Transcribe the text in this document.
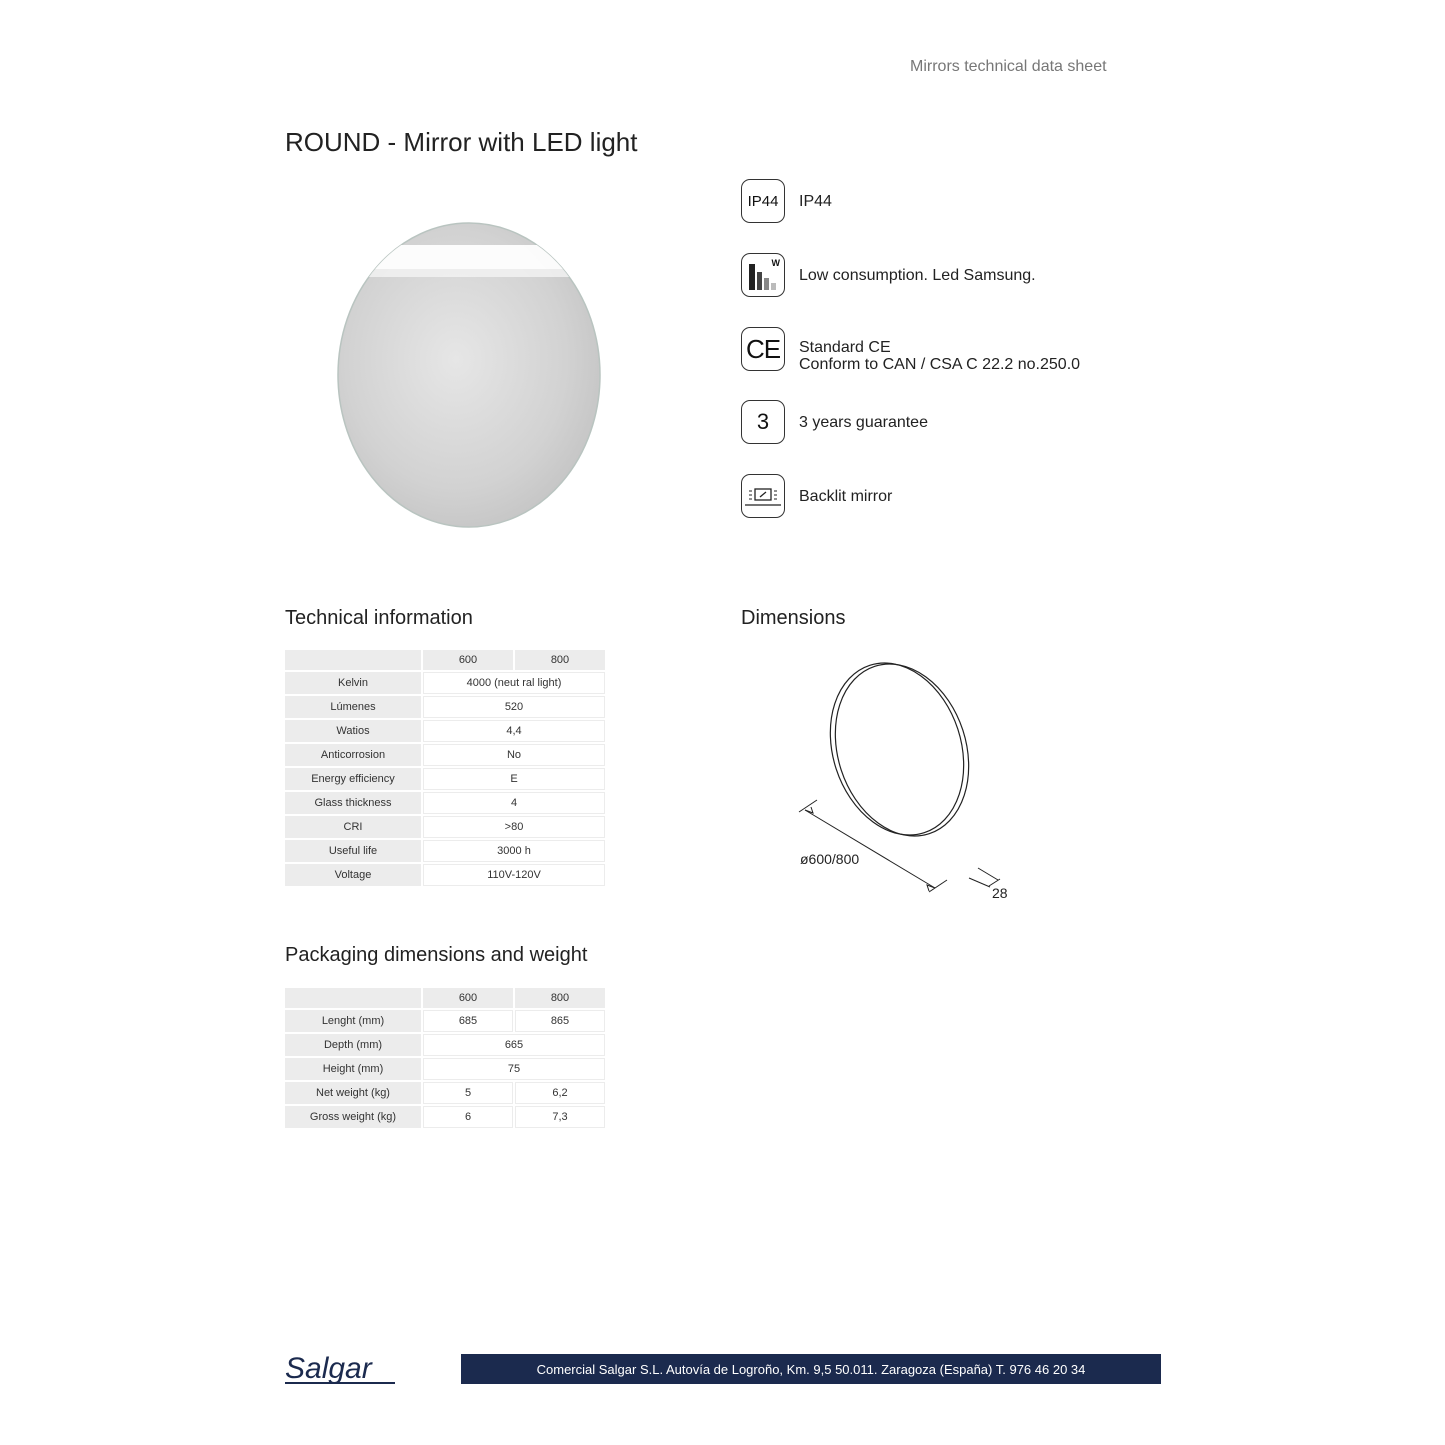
Mirrors technical data sheet
ROUND - Mirror with LED light
IP44	IP44
W
Low consumption. Led Samsung.
CE	Standard CE
Conform to CAN / CSA C 22.2 no.250.0
3	3 years guarantee
Backlit mirror
Technical information
	600	800
Kelvin	4000 (neut ral light)	
Lúmenes	520	
Watios	4,4	
Anticorrosion	No	
Energy efficiency	E	
Glass thickness	4	
CRI	>80	
Useful life	3000 h	
Voltage	110V-120V	
Dimensions
ø600/800
28
Packaging dimensions and weight
	600	800
Lenght (mm)	685	865
Depth (mm)	665	
Height (mm)	75	
Net weight (kg)	5	6,2
Gross weight (kg)	6	7,3
Salgar	Comercial Salgar S.L. Autovía de Logroño, Km. 9,5 50.011. Zaragoza (España) T. 976 46 20 34
